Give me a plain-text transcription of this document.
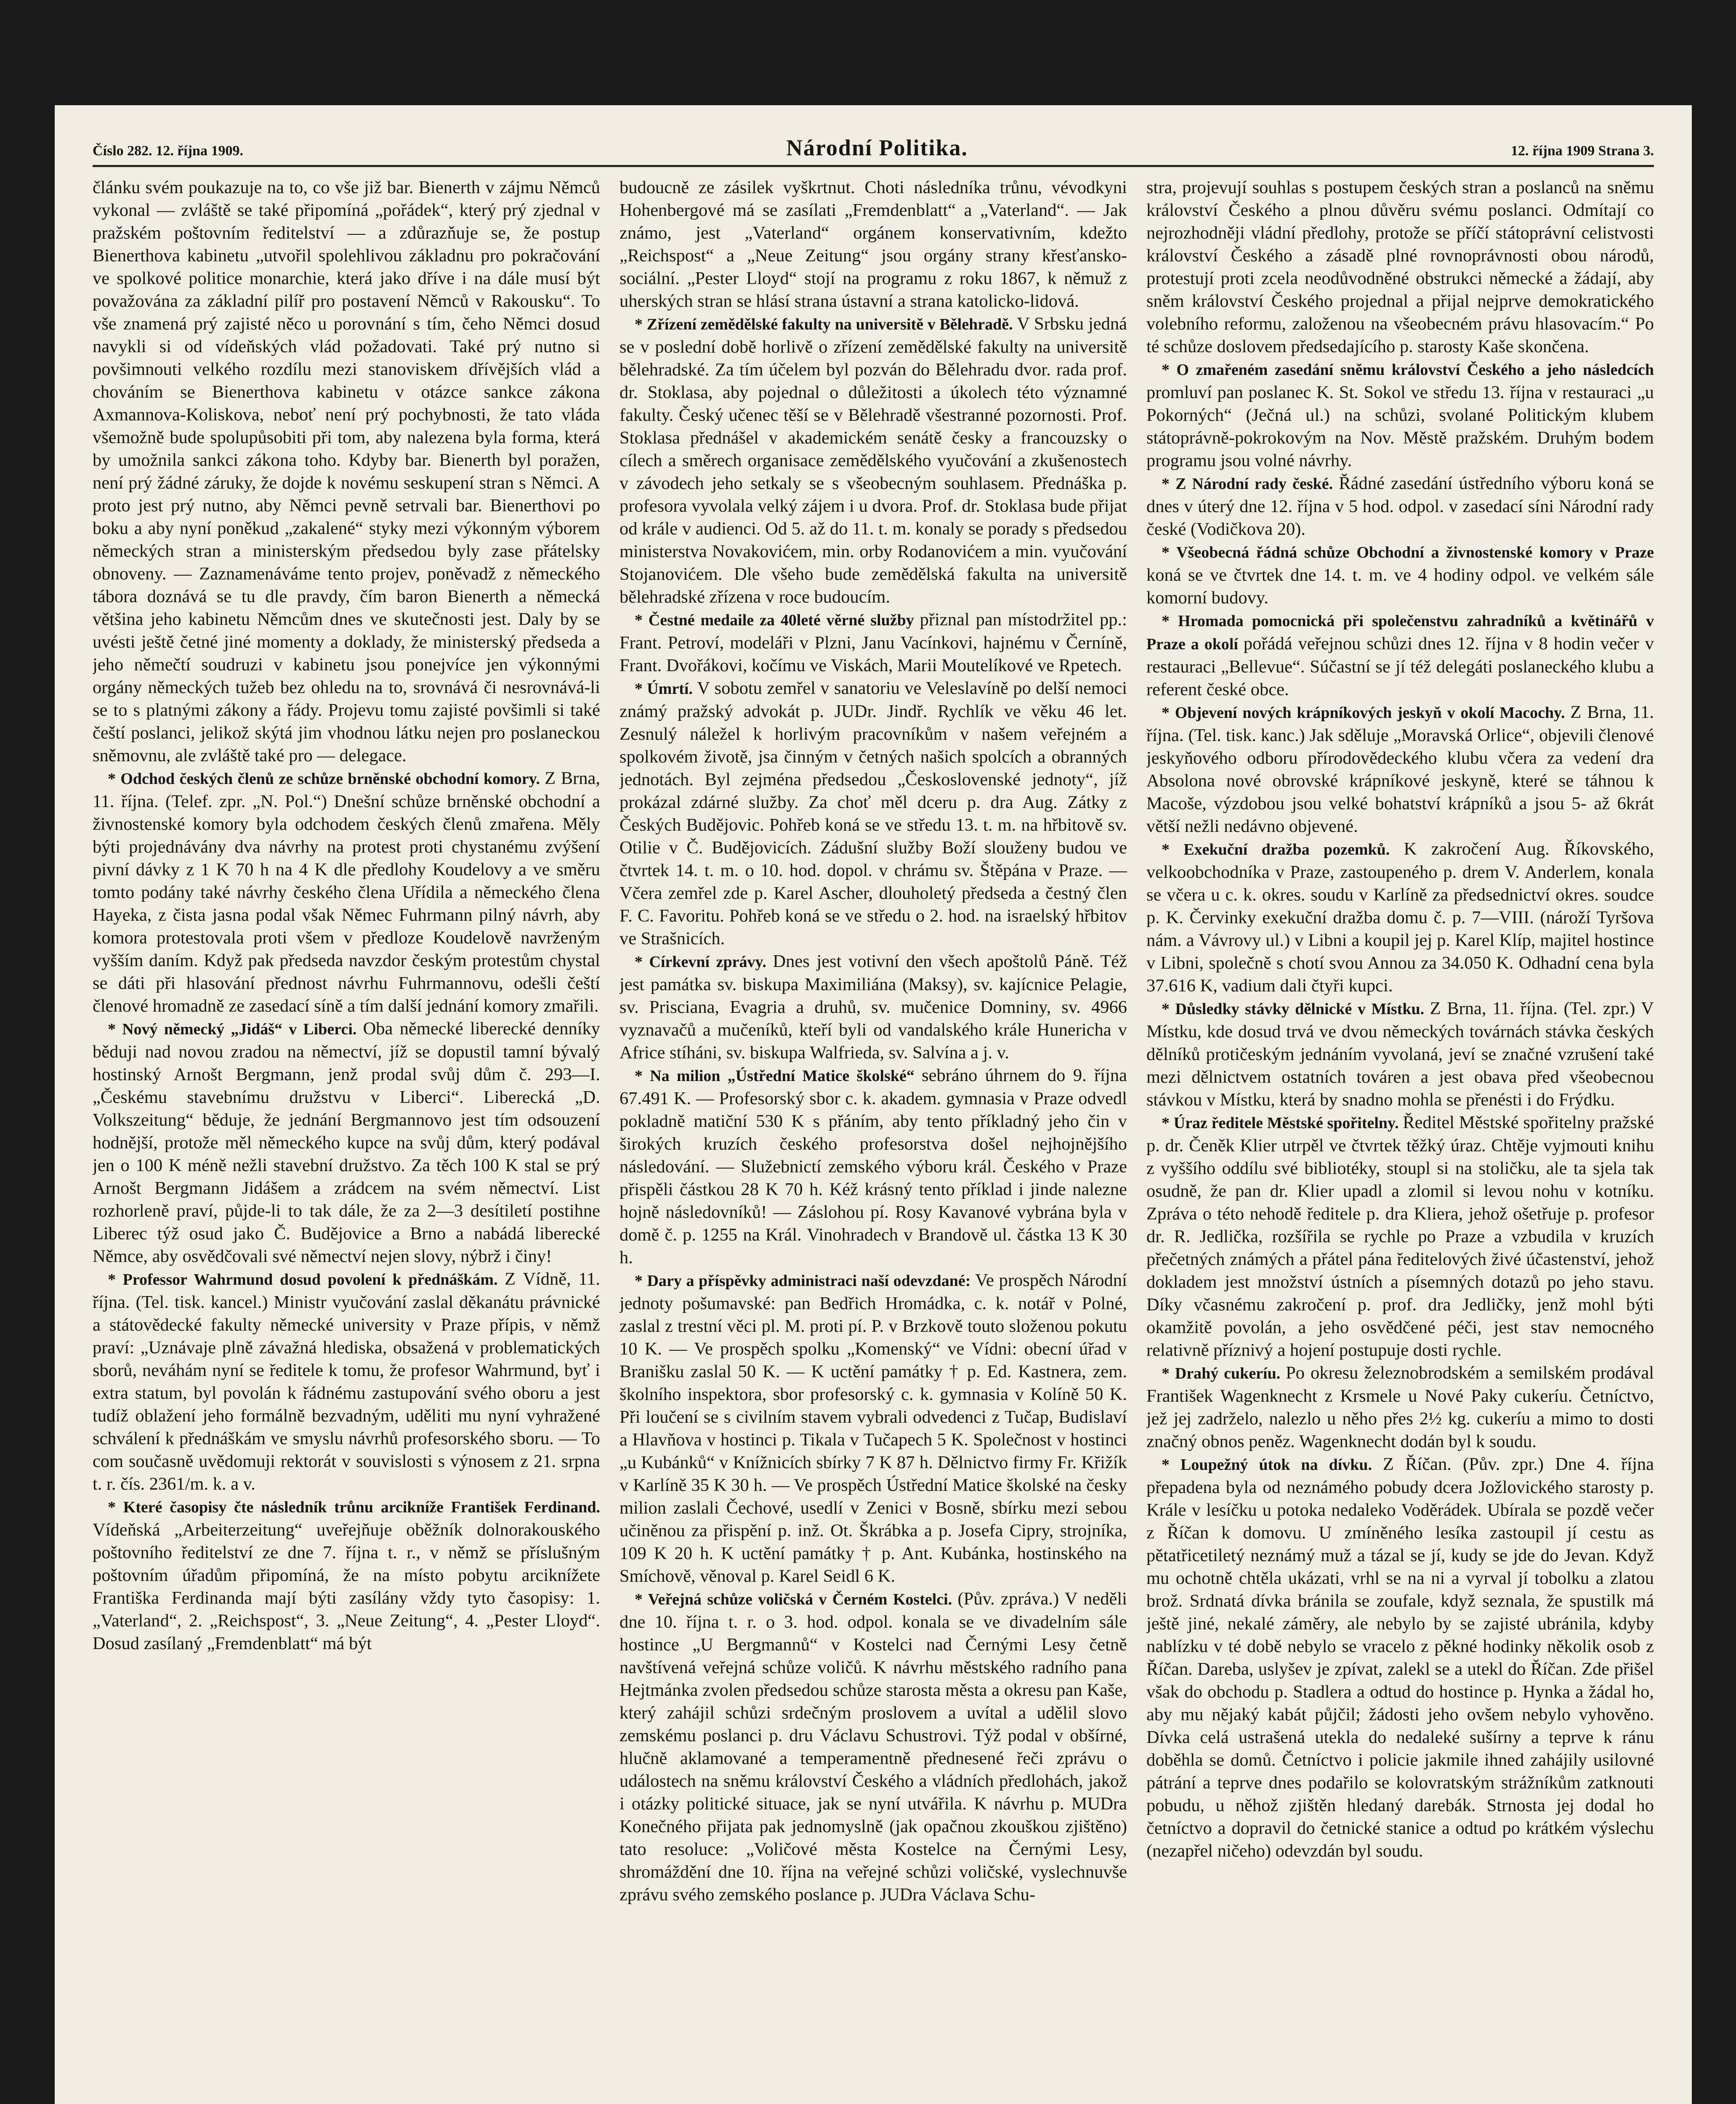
Číslo 282. 12. října 1909.	Národní Politika.	12. října 1909 Strana 3.

článku svém poukazuje na to, co vše již bar. Bienerth v zájmu Němců vykonal — zvláště se také připomíná „pořádek“, který prý zjednal v pražském poštovním ředitelství — a zdůrazňuje se, že postup Bienerthova kabinetu „utvořil spolehlivou základnu pro pokračování ve spolkové politice monarchie, která jako dříve i na dále musí být považována za základní pilíř pro postavení Němců v Rakousku“. To vše znamená prý zajisté něco u porovnání s tím, čeho Němci dosud navykli si od vídeňských vlád požadovati. Také prý nutno si povšimnouti velkého rozdílu mezi stanoviskem dřívějších vlád a chováním se Bienerthova kabinetu v otázce sankce zákona Axmannova-Koliskova, neboť není prý pochybnosti, že tato vláda všemožně bude spolupůsobiti při tom, aby nalezena byla forma, která by umožnila sankci zákona toho. Kdyby bar. Bienerth byl poražen, není prý žádné záruky, že dojde k novému seskupení stran s Němci. A proto jest prý nutno, aby Němci pevně setrvali bar. Bienerthovi po boku a aby nyní poněkud „zakalené“ styky mezi výkonným výborem německých stran a ministerským předsedou byly zase přátelsky obnoveny. — Zaznamenáváme tento projev, poněvadž z německého tábora doznává se tu dle pravdy, čím baron Bienerth a německá většina jeho kabinetu Němcům dnes ve skutečnosti jest. Daly by se uvésti ještě četné jiné momenty a doklady, že ministerský předseda a jeho němečtí soudruzi v kabinetu jsou ponejvíce jen výkonnými orgány německých tužeb bez ohledu na to, srovnává či nesrovnává-li se to s platnými zákony a řády. Projevu tomu zajisté povšimli si také čeští poslanci, jelikož skýtá jim vhodnou látku nejen pro poslaneckou sněmovnu, ale zvláště také pro — delegace.

* Odchod českých členů ze schůze brněnské obchodní komory. Z Brna, 11. října. (Telef. zpr. „N. Pol.“) Dnešní schůze brněnské obchodní a živnostenské komory byla odchodem českých členů zmařena. Měly býti projednávány dva návrhy na protest proti chystanému zvýšení pivní dávky z 1 K 70 h na 4 K dle předlohy Koudelovy a ve směru tomto podány také návrhy českého člena Uřídila a německého člena Hayeka, z čista jasna podal však Němec Fuhrmann pilný návrh, aby komora protestovala proti všem v předloze Koudelově navrženým vyšším daním. Když pak předseda navzdor českým protestům chystal se dáti při hlasování přednost návrhu Fuhrmannovu, odešli čeští členové hromadně ze zasedací síně a tím další jednání komory zmařili.

* Nový německý „Jidáš“ v Liberci. Oba německé liberecké denníky běduji nad novou zradou na němectví, jíž se dopustil tamní bývalý hostinský Arnošt Bergmann, jenž prodal svůj dům č. 293—I. „Českému stavebnímu družstvu v Liberci“. Liberecká „D. Volkszeitung“ běduje, že jednání Bergmannovo jest tím odsouzení hodnější, protože měl německého kupce na svůj dům, který podával jen o 100 K méně nežli stavební družstvo. Za těch 100 K stal se prý Arnošt Bergmann Jidášem a zrádcem na svém němectví. List rozhorleně praví, půjde-li to tak dále, že za 2—3 desítiletí postihne Liberec týž osud jako Č. Budějovice a Brno a nabádá liberecké Němce, aby osvědčovali své němectví nejen slovy, nýbrž i činy!

* Professor Wahrmund dosud povolení k přednáškám. Z Vídně, 11. října. (Tel. tisk. kancel.) Ministr vyučování zaslal děkanátu právnické a státovědecké fakulty německé university v Praze přípis, v němž praví: „Uznávaje plně závažná hlediska, obsažená v problematických sborů, neváhám nyní se ředitele k tomu, že profesor Wahrmund, byť i extra statum, byl povolán k řádnému zastupování svého oboru a jest tudíž oblažení jeho formálně bezvadným, uděliti mu nyní vyhražené schválení k přednáškám ve smyslu návrhů profesorského sboru. — To com současně uvědomuji rektorát v souvislosti s výnosem z 21. srpna t. r. čís. 2361/m. k. a v.

* Které časopisy čte následník trůnu arcikníže František Ferdinand. Vídeňská „Arbeiterzeitung“ uveřejňuje oběžník dolnorakouského poštovního ředitelství ze dne 7. října t. r., v němž se příslušným poštovním úřadům připomíná, že na místo pobytu arciknížete Františka Ferdinanda mají býti zasílány vždy tyto časopisy: 1. „Vaterland“, 2. „Reichspost“, 3. „Neue Zeitung“, 4. „Pester Lloyd“. Dosud zasílaný „Fremdenblatt“ má být

budoucně ze zásilek vyškrtnut. Choti následníka trůnu, vévodkyni Hohenbergové má se zasílati „Fremdenblatt“ a „Vaterland“. — Jak známo, jest „Vaterland“ orgánem konservativním, kdežto „Reichspost“ a „Neue Zeitung“ jsou orgány strany křesťansko-sociální. „Pester Lloyd“ stojí na programu z roku 1867, k němuž z uherských stran se hlásí strana ústavní a strana katolicko-lidová.

* Zřízení zemědělské fakulty na universitě v Bělehradě. V Srbsku jedná se v poslední době horlivě o zřízení zemědělské fakulty na universitě bělehradské. Za tím účelem byl pozván do Bělehradu dvor. rada prof. dr. Stoklasa, aby pojednal o důležitosti a úkolech této významné fakulty. Český učenec těší se v Bělehradě všestranné pozornosti. Prof. Stoklasa přednášel v akademickém senátě česky a francouzsky o cílech a směrech organisace zemědělského vyučování a zkušenostech v závodech jeho setkaly se s všeobecným souhlasem. Přednáška p. profesora vyvolala velký zájem i u dvora. Prof. dr. Stoklasa bude přijat od krále v audienci. Od 5. až do 11. t. m. konaly se porady s předsedou ministerstva Novakovićem, min. orby Rodanovićem a min. vyučování Stojanovićem. Dle všeho bude zemědělská fakulta na universitě bělehradské zřízena v roce budoucím.

* Čestné medaile za 40leté věrné služby přiznal pan místodržitel pp.: Frant. Petroví, modeláři v Plzni, Janu Vacínkovi, hajnému v Černíně, Frant. Dvořákovi, kočímu ve Viskách, Marii Moutelíkové ve Rpetech.

* Úmrtí. V sobotu zemřel v sanatoriu ve Veleslavíně po delší nemoci známý pražský advokát p. JUDr. Jindř. Rychlík ve věku 46 let. Zesnulý náležel k horlivým pracovníkům v našem veřejném a spolkovém životě, jsa činným v četných našich spolcích a obranných jednotách. Byl zejména předsedou „Československé jednoty“, jíž prokázal zdárné služby. Za choť měl dceru p. dra Aug. Zátky z Českých Budějovic. Pohřeb koná se ve středu 13. t. m. na hřbitově sv. Otilie v Č. Budějovicích. Zádušní služby Boží slouženy budou ve čtvrtek 14. t. m. o 10. hod. dopol. v chrámu sv. Štěpána v Praze. — Včera zemřel zde p. Karel Ascher, dlouholetý předseda a čestný člen F. C. Favoritu. Pohřeb koná se ve středu o 2. hod. na israelský hřbitov ve Strašnicích.

* Církevní zprávy. Dnes jest votivní den všech apoštolů Páně. Též jest památka sv. biskupa Maximiliána (Maksy), sv. kajícnice Pelagie, sv. Prisciana, Evagria a druhů, sv. mučenice Domniny, sv. 4966 vyznavačů a mučeníků, kteří byli od vandalského krále Hunericha v Africe stíháni, sv. biskupa Walfrieda, sv. Salvína a j. v.

* Na milion „Ústřední Matice školské“ sebráno úhrnem do 9. října 67.491 K. — Profesorský sbor c. k. akadem. gymnasia v Praze odvedl pokladně matiční 530 K s přáním, aby tento příkladný jeho čin v širokých kruzích českého profesorstva došel nejhojnějšího následování. — Služebnictí zemského výboru král. Českého v Praze přispěli částkou 28 K 70 h. Kéž krásný tento příklad i jinde nalezne hojně následovníků! — Záslohou pí. Rosy Kavanové vybrána byla v domě č. p. 1255 na Král. Vinohradech v Brandově ul. částka 13 K 30 h.

* Dary a příspěvky administraci naší odevzdané: Ve prospěch Národní jednoty pošumavské: pan Bedřich Hromádka, c. k. notář v Polné, zaslal z trestní věci pl. M. proti pí. P. v Brzkově touto složenou pokutu 10 K. — Ve prospěch spolku „Komenský“ ve Vídni: obecní úřad v Branišku zaslal 50 K. — K uctění památky † p. Ed. Kastnera, zem. školního inspektora, sbor profesorský c. k. gymnasia v Kolíně 50 K. Při loučení se s civilním stavem vybrali odvedenci z Tučap, Budislaví a Hlavňova v hostinci p. Tikala v Tučapech 5 K. Společnost v hostinci „u Kubánků“ v Knížnicích sbírky 7 K 87 h. Dělnictvo firmy Fr. Křižík v Karlíně 35 K 30 h. — Ve prospěch Ústřední Matice školské na česky milion zaslali Čechové, usedlí v Zenici v Bosně, sbírku mezi sebou učiněnou za přispění p. inž. Ot. Škrábka a p. Josefa Cipry, strojníka, 109 K 20 h. K uctění památky † p. Ant. Kubánka, hostinského na Smíchově, věnoval p. Karel Seidl 6 K.

* Veřejná schůze voličská v Černém Kostelci. (Pův. zpráva.) V neděli dne 10. října t. r. o 3. hod. odpol. konala se ve divadelním sále hostince „U Bergmannů“ v Kostelci nad Černými Lesy četně navštívená veřejná schůze voličů. K návrhu městského radního pana Hejtmánka zvolen předsedou schůze starosta města a okresu pan Kaše, který zahájil schůzi srdečným proslovem a uvítal a udělil slovo zemskému poslanci p. dru Václavu Schustrovi. Týž podal v obšírné, hlučně aklamované a temperamentně přednesené řeči zprávu o událostech na sněmu království Českého a vládních předlohách, jakož i otázky politické situace, jak se nyní utvářila. K návrhu p. MUDra Konečného přijata pak jednomyslně (jak opačnou zkouškou zjištěno) tato resoluce: „Voličové města Kostelce na Černými Lesy, shromáždění dne 10. října na veřejné schůzi voličské, vyslechnuvše zprávu svého zemského poslance p. JUDra Václava Schu-

stra, projevují souhlas s postupem českých stran a poslanců na sněmu království Českého a plnou důvěru svému poslanci. Odmítají co nejrozhodněji vládní předlohy, protože se příčí státoprávní celistvosti království Českého a zásadě plné rovnoprávnosti obou národů, protestují proti zcela neodůvodněné obstrukci německé a žádají, aby sněm království Českého projednal a přijal nejprve demokratického volebního reformu, založenou na všeobecném právu hlasovacím.“ Po té schůze doslovem předsedajícího p. starosty Kaše skončena.

* O zmařeném zasedání sněmu království Českého a jeho následcích promluví pan poslanec K. St. Sokol ve středu 13. října v restauraci „u Pokorných“ (Ječná ul.) na schůzi, svolané Politickým klubem státoprávně-pokrokovým na Nov. Městě pražském. Druhým bodem programu jsou volné návrhy.

* Z Národní rady české. Řádné zasedání ústředního výboru koná se dnes v úterý dne 12. října v 5 hod. odpol. v zasedací síni Národní rady české (Vodičkova 20).

* Všeobecná řádná schůze Obchodní a živnostenské komory v Praze koná se ve čtvrtek dne 14. t. m. ve 4 hodiny odpol. ve velkém sále komorní budovy.

* Hromada pomocnická při společenstvu zahradníků a květinářů v Praze a okolí pořádá veřejnou schůzi dnes 12. října v 8 hodin večer v restauraci „Bellevue“. Súčastní se jí též delegáti poslaneckého klubu a referent české obce.

* Objevení nových krápníkových jeskyň v okolí Macochy. Z Brna, 11. října. (Tel. tisk. kanc.) Jak sděluje „Moravská Orlice“, objevili členové jeskyňového odboru přírodovědeckého klubu včera za vedení dra Absolona nové obrovské krápníkové jeskyně, které se táhnou k Macoše, výzdobou jsou velké bohatství krápníků a jsou 5- až 6krát větší nežli nedávno objevené.

* Exekuční dražba pozemků. K zakročení Aug. Říkovského, velkoobchodníka v Praze, zastoupeného p. drem V. Anderlem, konala se včera u c. k. okres. soudu v Karlíně za předsednictví okres. soudce p. K. Červinky exekuční dražba domu č. p. 7—VIII. (nároží Tyršova nám. a Vávrovy ul.) v Libni a koupil jej p. Karel Klíp, majitel hostince v Libni, společně s chotí svou Annou za 34.050 K. Odhadní cena byla 37.616 K, vadium dali čtyři kupci.

* Důsledky stávky dělnické v Místku. Z Brna, 11. října. (Tel. zpr.) V Místku, kde dosud trvá ve dvou německých továrnách stávka českých dělníků protičeským jednáním vyvolaná, jeví se značné vzrušení také mezi dělnictvem ostatních továren a jest obava před všeobecnou stávkou v Místku, která by snadno mohla se přenésti i do Frýdku.

* Úraz ředitele Městské spořitelny. Ředitel Městské spořitelny pražské p. dr. Čeněk Klier utrpěl ve čtvrtek těžký úraz. Chtěje vyjmouti knihu z vyššího oddílu své bibliotéky, stoupl si na stoličku, ale ta sjela tak osudně, že pan dr. Klier upadl a zlomil si levou nohu v kotníku. Zpráva o této nehodě ředitele p. dra Kliera, jehož ošetřuje p. profesor dr. R. Jedlička, rozšířila se rychle po Praze a vzbudila v kruzích přečetných známých a přátel pána ředitelových živé účastenství, jehož dokladem jest množství ústních a písemných dotazů po jeho stavu. Díky včasnému zakročení p. prof. dra Jedličky, jenž mohl býti okamžitě povolán, a jeho osvědčené péči, jest stav nemocného relativně příznivý a hojení postupuje dosti rychle.

* Drahý cukeríu. Po okresu železnobrodském a semilském prodával František Wagenknecht z Krsmele u Nové Paky cukeríu. Četníctvo, jež jej zadrželo, nalezlo u něho přes 2½ kg. cukeríu a mimo to dosti značný obnos peněz. Wagenknecht dodán byl k soudu.

* Loupežný útok na dívku. Z Říčan. (Pův. zpr.) Dne 4. října přepadena byla od neznámého pobudy dcera Jožlovického starosty p. Krále v lesíčku u potoka nedaleko Voděrádek. Ubírala se pozdě večer z Říčan k domovu. U zmíněného lesíka zastoupil jí cestu as pětatřicetiletý neznámý muž a tázal se jí, kudy se jde do Jevan. Když mu ochotně chtěla ukázati, vrhl se na ni a vyrval jí tobolku a zlatou brož. Srdnatá dívka bránila se zoufale, když seznala, že spustilk má ještě jiné, nekalé záměry, ale nebylo by se zajisté ubránila, kdyby nablízku v té době nebylo se vracelo z pěkné hodinky několik osob z Říčan. Dareba, uslyšev je zpívat, zalekl se a utekl do Říčan. Zde přišel však do obchodu p. Stadlera a odtud do hostince p. Hynka a žádal ho, aby mu nějaký kabát půjčil; žádosti jeho ovšem nebylo vyhověno. Dívka celá ustrašená utekla do nedaleké sušírny a teprve k ránu doběhla se domů. Četníctvo i policie jakmile ihned zahájily usilovné pátrání a teprve dnes podařilo se kolovratským strážníkům zatknouti pobudu, u něhož zjištěn hledaný darebák. Strnosta jej dodal ho četníctvo a dopravil do četnické stanice a odtud po krátkém výslechu (nezapřel ničeho) odevzdán byl soudu.
